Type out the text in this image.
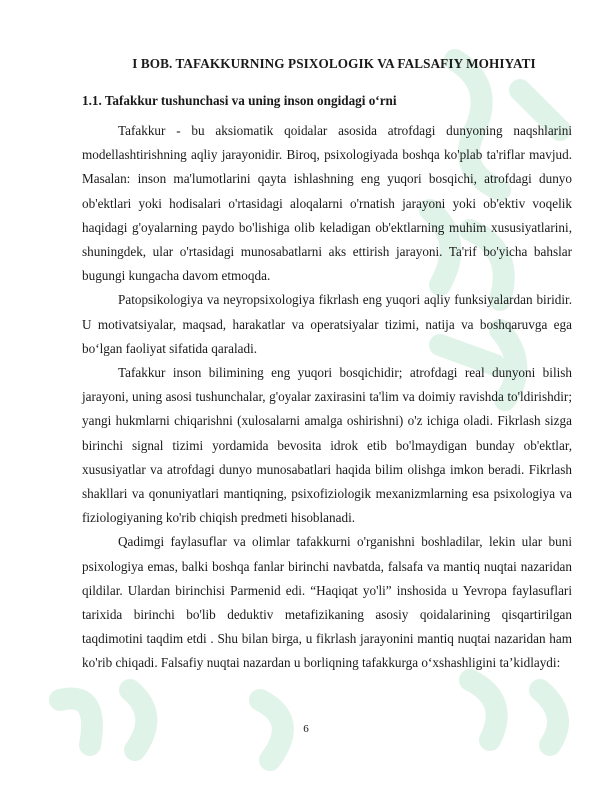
I BOB. TAFAKKURNING PSIXOLOGIK VA FALSAFIY MOHIYATI
1.1. Tafakkur tushunchasi va uning inson ongidagi o‘rni

Tafakkur - bu aksiomatik qoidalar asosida atrofdagi dunyoning naqshlarini modellashtirishning aqliy jarayonidir. Biroq, psixologiyada boshqa ko'plab ta'riflar mavjud. Masalan: inson ma'lumotlarini qayta ishlashning eng yuqori bosqichi, atrofdagi dunyo ob'ektlari yoki hodisalari o'rtasidagi aloqalarni o'rnatish jarayoni yoki ob'ektiv voqelik haqidagi g'oyalarning paydo bo'lishiga olib keladigan ob'ektlarning muhim xususiyatlarini, shuningdek, ular o'rtasidagi munosabatlarni aks ettirish jarayoni. Ta'rif bo'yicha bahslar bugungi kungacha davom etmoqda.

Patopsikologiya va neyropsixologiya fikrlash eng yuqori aqliy funksiyalardan biridir. U motivatsiyalar, maqsad, harakatlar va operatsiyalar tizimi, natija va boshqaruvga ega bo‘lgan faoliyat sifatida qaraladi.

Tafakkur inson bilimining eng yuqori bosqichidir; atrofdagi real dunyoni bilish jarayoni, uning asosi tushunchalar, g'oyalar zaxirasini ta'lim va doimiy ravishda to'ldirishdir; yangi hukmlarni chiqarishni (xulosalarni amalga oshirishni) o'z ichiga oladi. Fikrlash sizga birinchi signal tizimi yordamida bevosita idrok etib bo'lmaydigan bunday ob'ektlar, xususiyatlar va atrofdagi dunyo munosabatlari haqida bilim olishga imkon beradi. Fikrlash shakllari va qonuniyatlari mantiqning, psixofiziologik mexanizmlarning esa psixologiya va fiziologiyaning ko'rib chiqish predmeti hisoblanadi.

Qadimgi faylasuflar va olimlar tafakkurni o'rganishni boshladilar, lekin ular buni psixologiya emas, balki boshqa fanlar birinchi navbatda, falsafa va mantiq nuqtai nazaridan qildilar. Ulardan birinchisi Parmenid edi. “Haqiqat yo'li” inshosida u Yevropa faylasuflari tarixida birinchi bo'lib deduktiv metafizikaning asosiy qoidalarining qisqartirilgan taqdimotini taqdim etdi . Shu bilan birga, u fikrlash jarayonini mantiq nuqtai nazaridan ham ko'rib chiqadi. Falsafiy nuqtai nazardan u borliqning tafakkurga o‘xshashligini ta’kidlaydi:

6
